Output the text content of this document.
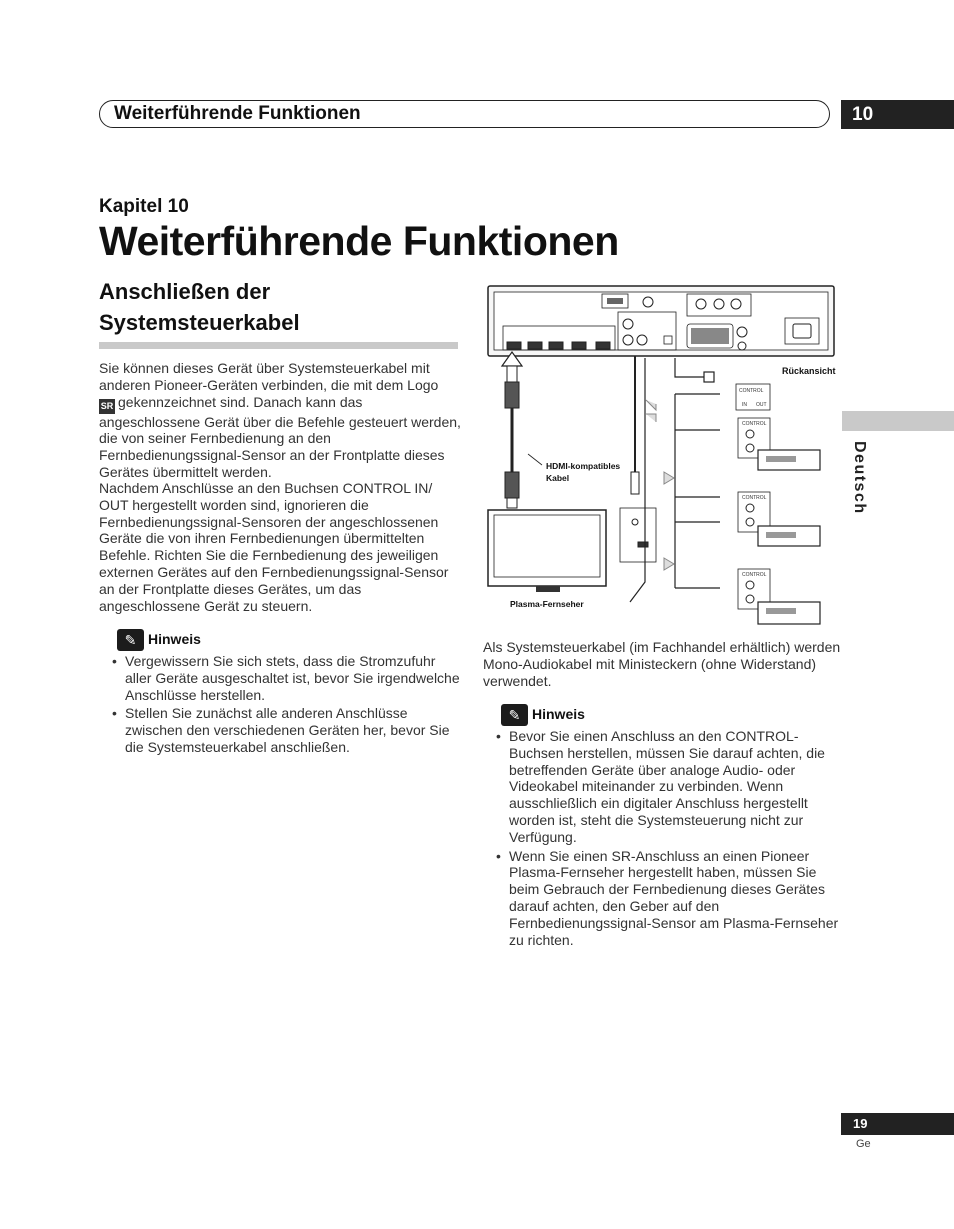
Weiterführende Funktionen	10
Kapitel 10
Weiterführende Funktionen
Anschließen der Systemsteuerkabel
Sie können dieses Gerät über Systemsteuerkabel mit anderen Pioneer-Geräten verbinden, die mit dem Logo SR gekennzeichnet sind. Danach kann das angeschlossene Gerät über die Befehle gesteuert werden, die von seiner Fernbedienung an den Fernbedienungssignal-Sensor an der Frontplatte dieses Gerätes übermittelt werden.
Nachdem Anschlüsse an den Buchsen CONTROL IN/ OUT hergestellt worden sind, ignorieren die Fernbedienungssignal-Sensoren der angeschlossenen Geräte die von ihren Fernbedienungen übermittelten Befehle. Richten Sie die Fernbedienung des jeweiligen externen Gerätes auf den Fernbedienungssignal-Sensor an der Frontplatte dieses Gerätes, um das angeschlossene Gerät zu steuern.
✎ Hinweis
• Vergewissern Sie sich stets, dass die Stromzufuhr aller Geräte ausgeschaltet ist, bevor Sie irgendwelche Anschlüsse herstellen.
• Stellen Sie zunächst alle anderen Anschlüsse zwischen den verschiedenen Geräten her, bevor Sie die Systemsteuerkabel anschließen.
Rückansicht
HDMI-kompatibles
Kabel
Plasma-Fernseher
CONTROL
IN OUT
CONTROL
CONTROL
CONTROL
Als Systemsteuerkabel (im Fachhandel erhältlich) werden Mono-Audiokabel mit Ministeckern (ohne Widerstand) verwendet.
✎ Hinweis
• Bevor Sie einen Anschluss an den CONTROL-Buchsen herstellen, müssen Sie darauf achten, die betreffenden Geräte über analoge Audio- oder Videokabel miteinander zu verbinden. Wenn ausschließlich ein digitaler Anschluss hergestellt worden ist, steht die Systemsteuerung nicht zur Verfügung.
• Wenn Sie einen SR-Anschluss an einen Pioneer Plasma-Fernseher hergestellt haben, müssen Sie beim Gebrauch der Fernbedienung dieses Gerätes darauf achten, den Geber auf den Fernbedienungssignal-Sensor am Plasma-Fernseher zu richten.
Deutsch
19
Ge
